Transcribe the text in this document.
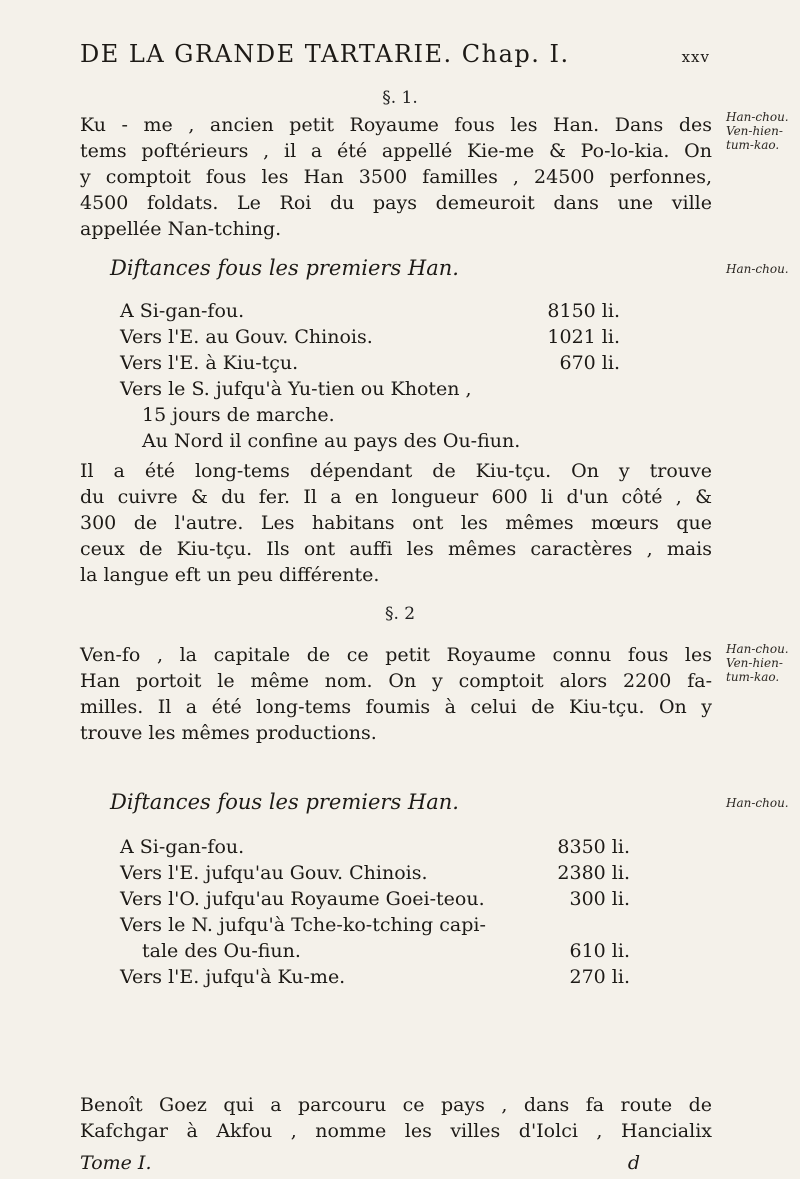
DE LA GRANDE TARTARIE. Chap. I.	xxv
§. 1.
Ku - me , ancien petit Royaume fous les Han. Dans des
tems poftérieurs , il a été appellé Kie-me & Po-lo-kia. On
y comptoit fous les Han 3500 familles , 24500 perfonnes,
4500 foldats. Le Roi du pays demeuroit dans une ville
appellée Nan-tching.
Han-chou.
Ven-hien-
tum-kao.
Diftances fous les premiers Han.	Han-chou.
A Si-gan-fou.	8150 li.
Vers l'E. au Gouv. Chinois.	1021 li.
Vers l'E. à Kiu-tçu.	670 li.
Vers le S. jufqu'à Yu-tien ou Khoten ,
15 jours de marche.
Au Nord il confine au pays des Ou-fiun.
Il a été long-tems dépendant de Kiu-tçu. On y trouve
du cuivre & du fer. Il a en longueur 600 li d'un côté , &
300 de l'autre. Les habitans ont les mêmes mœurs que
ceux de Kiu-tçu. Ils ont auffi les mêmes caractères , mais
la langue eft un peu différente.
§. 2
Ven-fo , la capitale de ce petit Royaume connu fous les
Han portoit le même nom. On y comptoit alors 2200 fa-
milles. Il a été long-tems foumis à celui de Kiu-tçu. On y
trouve les mêmes productions.
Han-chou.
Ven-hien-
tum-kao.
Diftances fous les premiers Han.	Han-chou.
A Si-gan-fou.	8350 li.
Vers l'E. jufqu'au Gouv. Chinois.	2380 li.
Vers l'O. jufqu'au Royaume Goei-teou.	300 li.
Vers le N. jufqu'à Tche-ko-tching capi-
tale des Ou-fiun.	610 li.
Vers l'E. jufqu'à Ku-me.	270 li.
Benoît Goez qui a parcouru ce pays , dans fa route de
Kafchgar à Akfou , nomme les villes d'Iolci , Hancialix
Tome I.	d
